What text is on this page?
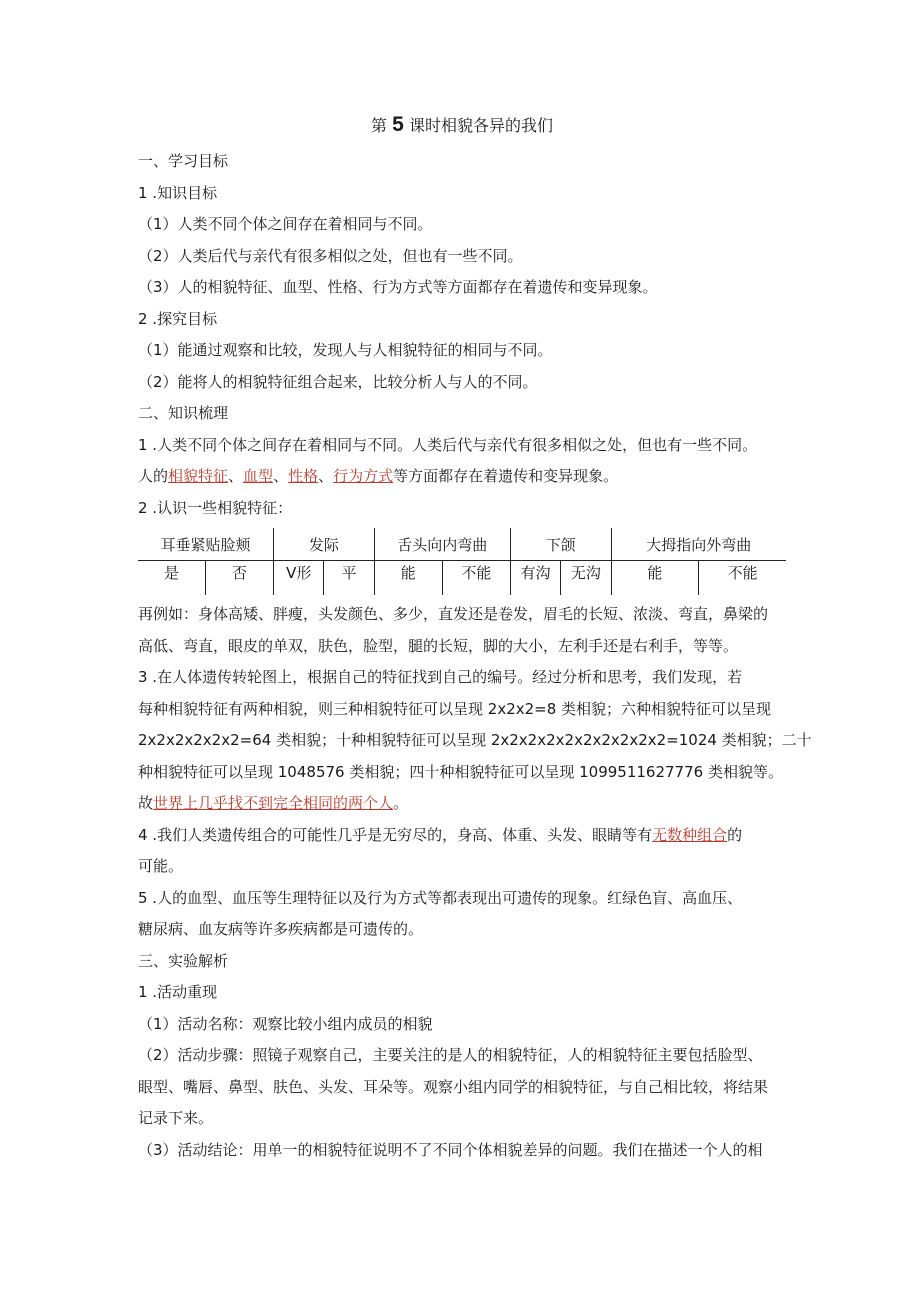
第 5 课时相貌各异的我们
一、学习目标
1 .知识目标
（1）人类不同个体之间存在着相同与不同。
（2）人类后代与亲代有很多相似之处，但也有一些不同。
（3）人的相貌特征、血型、性格、行为方式等方面都存在着遗传和变异现象。
2 .探究目标
（1）能通过观察和比较，发现人与人相貌特征的相同与不同。
（2）能将人的相貌特征组合起来，比较分析人与人的不同。
二、知识梳理
1 .人类不同个体之间存在着相同与不同。人类后代与亲代有很多相似之处，但也有一些不同。
人的相貌特征、血型、性格、行为方式等方面都存在着遗传和变异现象。
2 .认识一些相貌特征：
耳垂紧贴脸颊		发际		舌头向内弯曲		下颌		大拇指向外弯曲	
是	否	V形	平	能	不能	有沟	无沟	能	不能
再例如：身体高矮、胖瘦，头发颜色、多少，直发还是卷发，眉毛的长短、浓淡、弯直，鼻梁的
高低、弯直，眼皮的单双，肤色，脸型，腿的长短，脚的大小，左利手还是右利手，等等。
3 .在人体遗传转轮图上，根据自己的特征找到自己的编号。经过分析和思考，我们发现，若
每种相貌特征有两种相貌，则三种相貌特征可以呈现 2x2x2=8 类相貌；六种相貌特征可以呈现
2x2x2x2x2x2=64 类相貌；十种相貌特征可以呈现 2x2x2x2x2x2x2x2x2x2=1024 类相貌；二十
种相貌特征可以呈现 1048576 类相貌；四十种相貌特征可以呈现 1099511627776 类相貌等。
故世界上几乎找不到完全相同的两个人。
4 .我们人类遗传组合的可能性几乎是无穷尽的，身高、体重、头发、眼睛等有无数种组合的
可能。
5 .人的血型、血压等生理特征以及行为方式等都表现出可遗传的现象。红绿色盲、高血压、
糖尿病、血友病等许多疾病都是可遗传的。
三、实验解析
1 .活动重现
（1）活动名称：观察比较小组内成员的相貌
（2）活动步骤：照镜子观察自己，主要关注的是人的相貌特征，人的相貌特征主要包括脸型、
眼型、嘴唇、鼻型、肤色、头发、耳朵等。观察小组内同学的相貌特征，与自己相比较，将结果
记录下来。
（3）活动结论：用单一的相貌特征说明不了不同个体相貌差异的问题。我们在描述一个人的相
